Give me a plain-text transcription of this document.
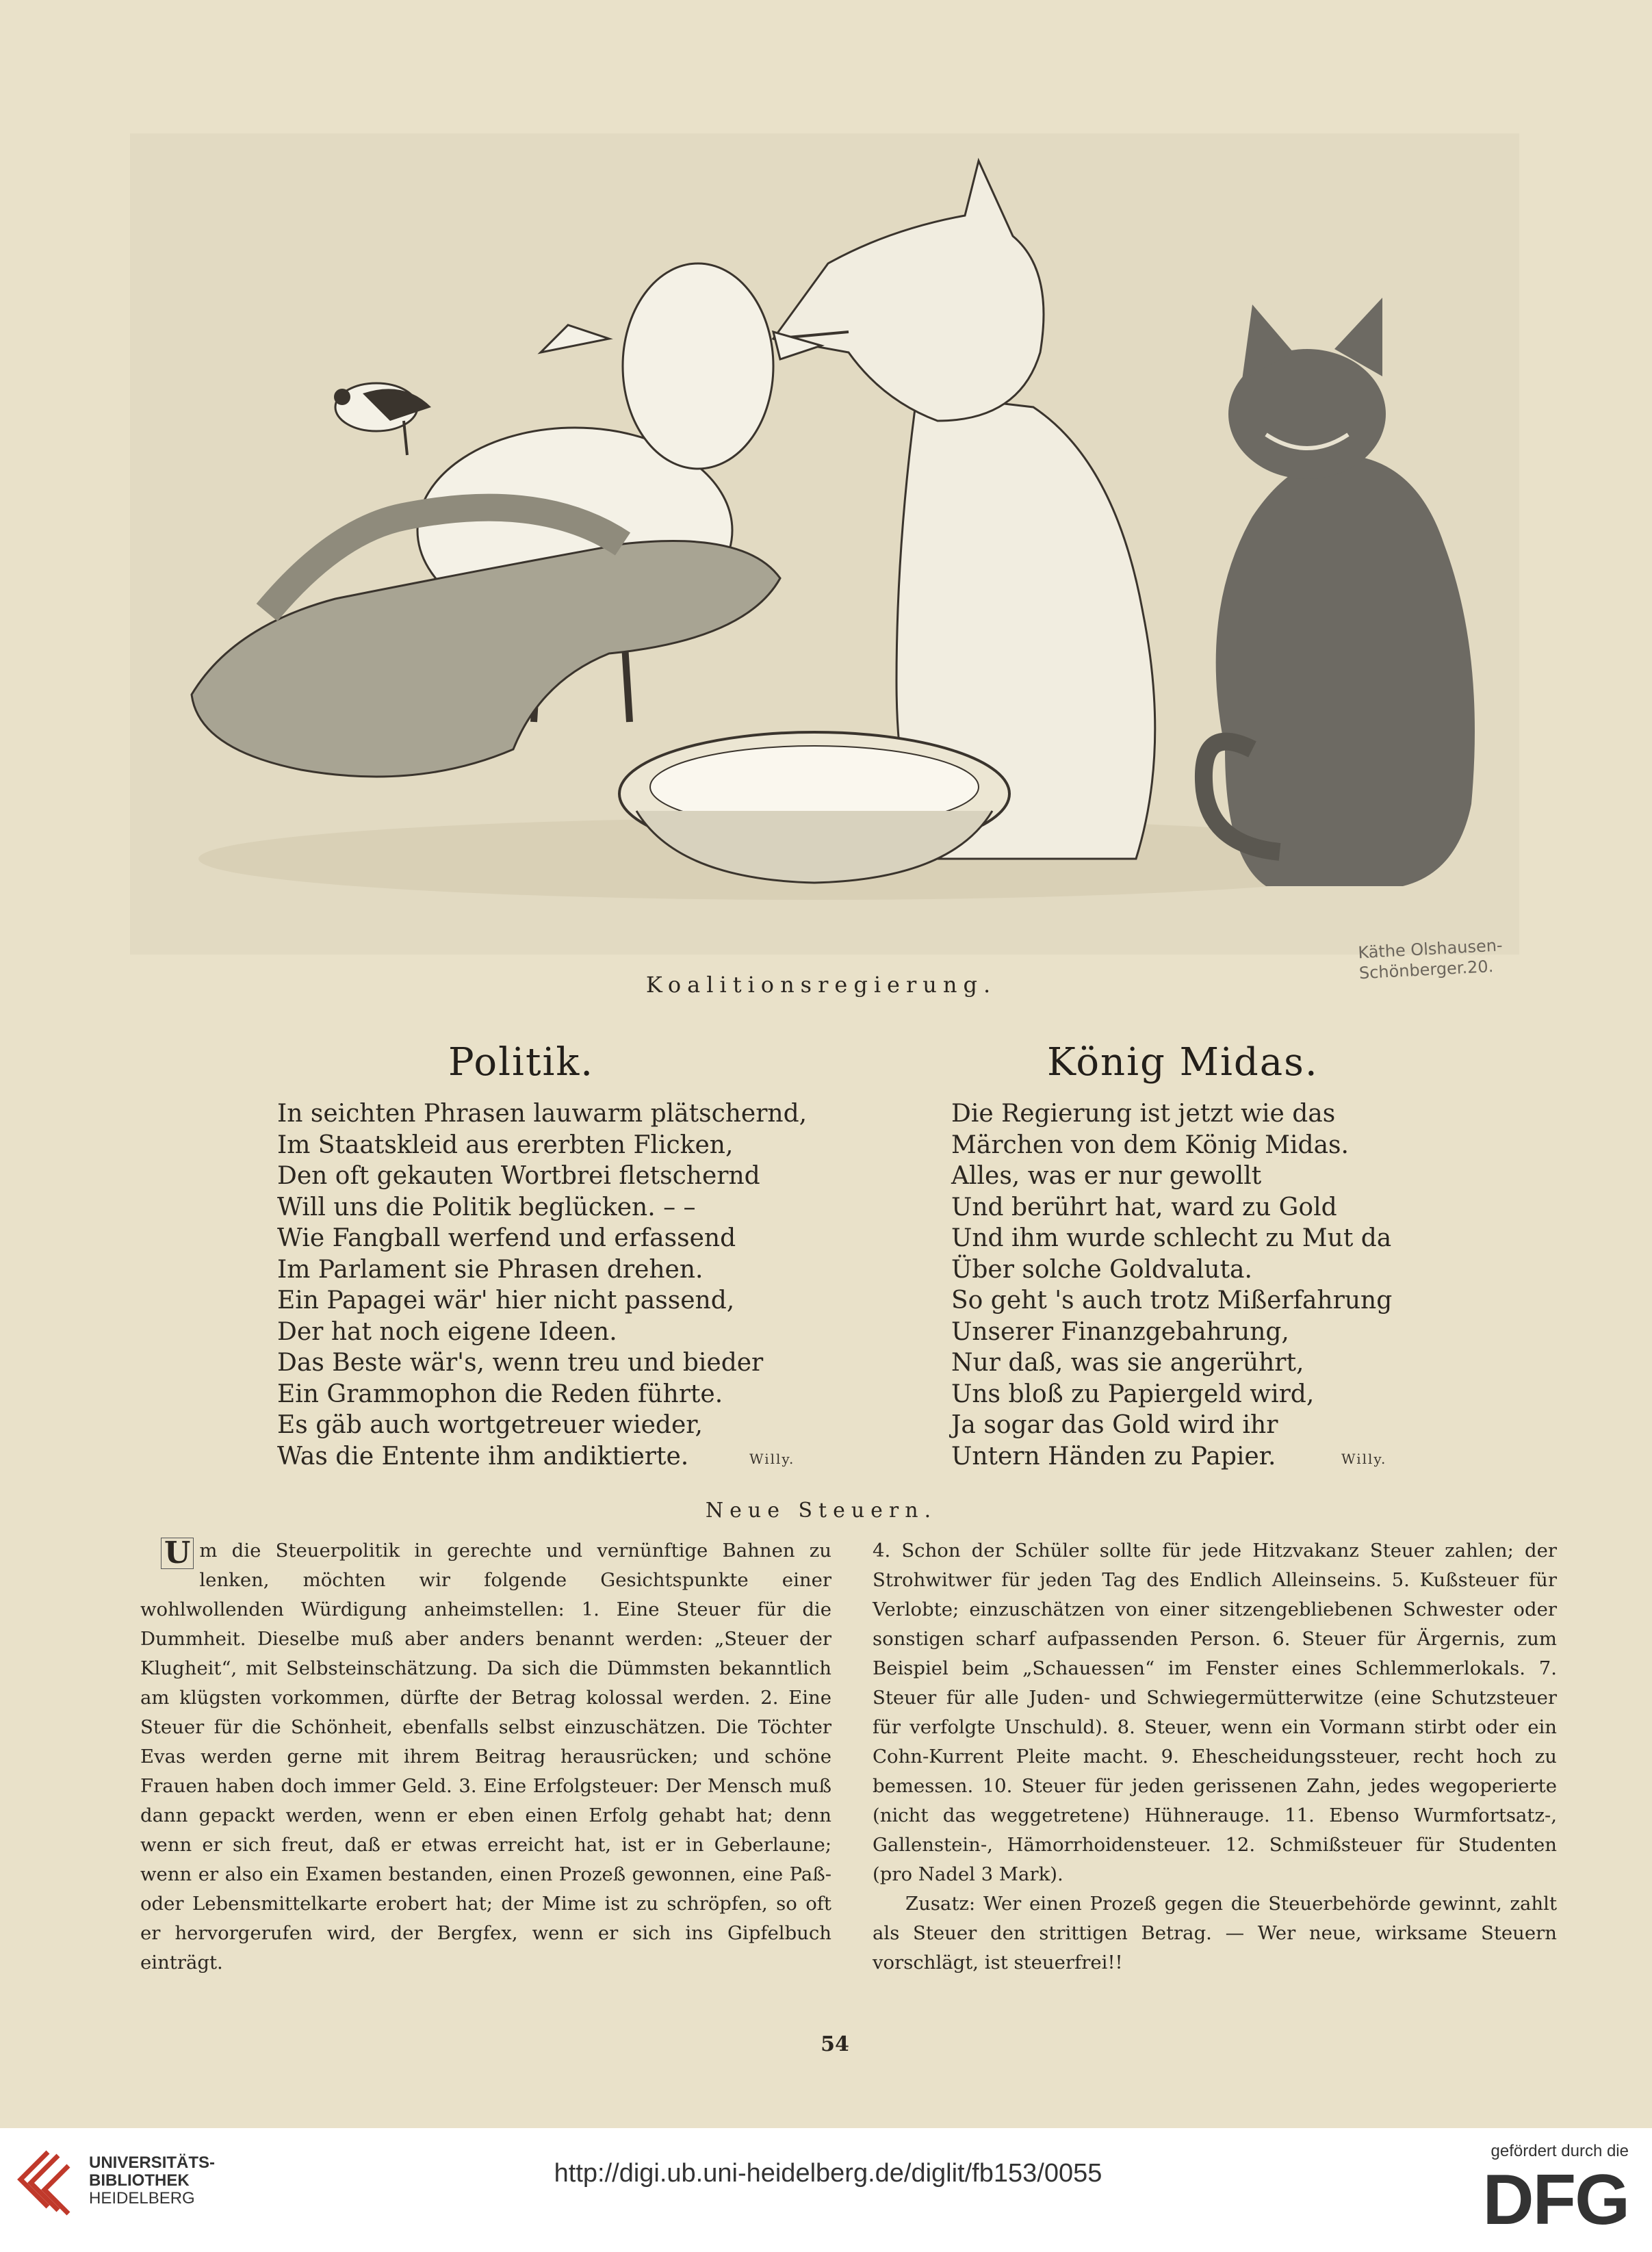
Käthe Olshausen-
Schönberger.20.
Koalitionsregierung.
Politik.
In seichten Phrasen lauwarm plätschernd,
Im Staatskleid aus ererbten Flicken,
Den oft gekauten Wortbrei fletschernd
Will uns die Politik beglücken. – –
Wie Fangball werfend und erfassend
Im Parlament sie Phrasen drehen.
Ein Papagei wär' hier nicht passend,
Der hat noch eigene Ideen.
Das Beste wär's, wenn treu und bieder
Ein Grammophon die Reden führte.
Es gäb auch wortgetreuer wieder,
Was die Entente ihm andiktierte.	Willy.
König Midas.
Die Regierung ist jetzt wie das
Märchen von dem König Midas.
Alles, was er nur gewollt
Und berührt hat, ward zu Gold
Und ihm wurde schlecht zu Mut da
Über solche Goldvaluta.
So geht 's auch trotz Mißerfahrung
Unserer Finanzgebahrung,
Nur daß, was sie angerührt,
Uns bloß zu Papiergeld wird,
Ja sogar das Gold wird ihr
Untern Händen zu Papier.	Willy.
Neue Steuern.

U m die Steuerpolitik in gerechte und vernünftige Bahnen zu lenken, möchten wir folgende Gesichtspunkte einer wohlwollenden Würdigung anheimstellen: 1. Eine Steuer für die Dummheit. Dieselbe muß aber anders benannt werden: „Steuer der Klugheit“, mit Selbsteinschätzung. Da sich die Dümmsten bekanntlich am klügsten vorkommen, dürfte der Betrag kolossal werden. 2. Eine Steuer für die Schönheit, ebenfalls selbst einzuschätzen. Die Töchter Evas werden gerne mit ihrem Beitrag herausrücken; und schöne Frauen haben doch immer Geld. 3. Eine Erfolgsteuer: Der Mensch muß dann gepackt werden, wenn er eben einen Erfolg gehabt hat; denn wenn er sich freut, daß er etwas erreicht hat, ist er in Geberlaune; wenn er also ein Examen bestanden, einen Prozeß gewonnen, eine Paß- oder Lebensmittelkarte erobert hat; der Mime ist zu schröpfen, so oft er hervorgerufen wird, der Bergfex, wenn er sich ins Gipfelbuch einträgt.

4. Schon der Schüler sollte für jede Hitzvakanz Steuer zahlen; der Strohwitwer für jeden Tag des Endlich Alleinseins. 5. Kußsteuer für Verlobte; einzuschätzen von einer sitzengebliebenen Schwester oder sonstigen scharf aufpassenden Person. 6. Steuer für Ärgernis, zum Beispiel beim „Schauessen“ im Fenster eines Schlemmerlokals. 7. Steuer für alle Juden- und Schwiegermütterwitze (eine Schutzsteuer für verfolgte Unschuld). 8. Steuer, wenn ein Vormann stirbt oder ein Cohn-Kurrent Pleite macht. 9. Ehescheidungssteuer, recht hoch zu bemessen. 10. Steuer für jeden gerissenen Zahn, jedes wegoperierte (nicht das weggetretene) Hühnerauge. 11. Ebenso Wurmfortsatz-, Gallenstein-, Hämorrhoidensteuer. 12. Schmißsteuer für Studenten (pro Nadel 3 Mark).

Zusatz: Wer einen Prozeß gegen die Steuerbehörde gewinnt, zahlt als Steuer den strittigen Betrag. — Wer neue, wirksame Steuern vorschlägt, ist steuerfrei!!

54
UNIVERSITÄTS-
BIBLIOTHEK
HEIDELBERG
http://digi.ub.uni-heidelberg.de/diglit/fb153/0055
gefördert durch die
DFG
